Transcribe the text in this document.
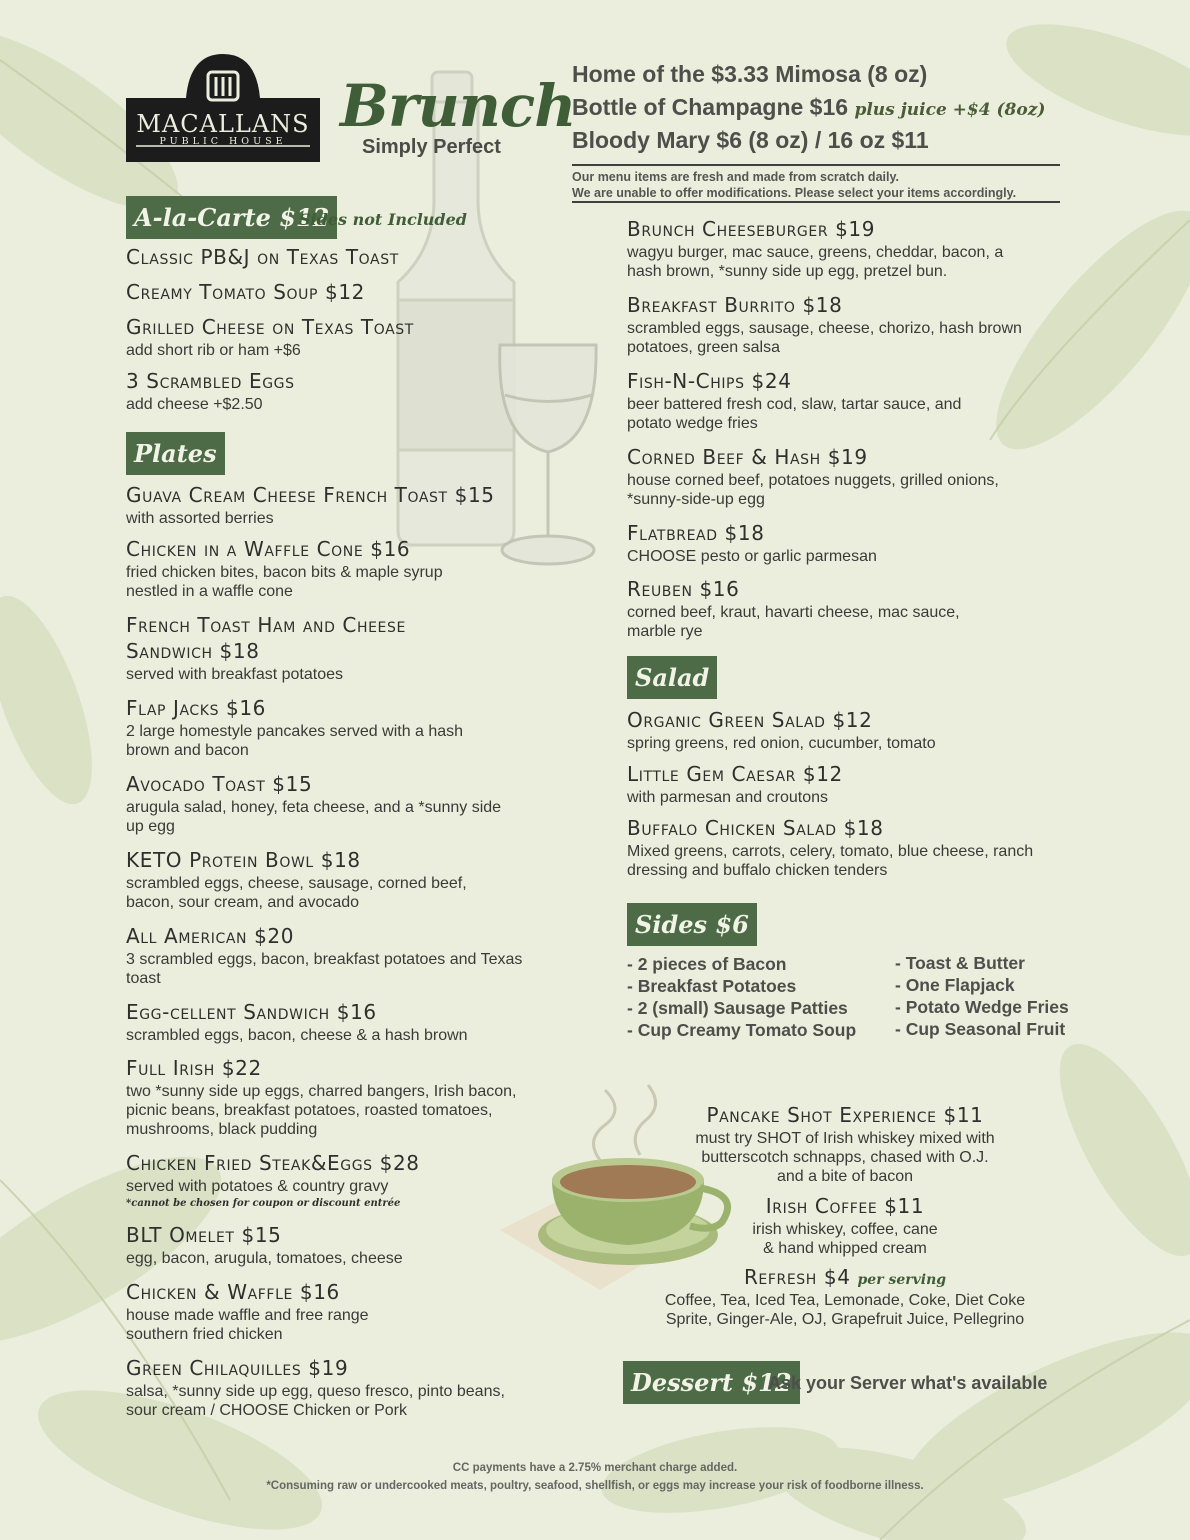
MACALLANS
PUBLIC HOUSE
Brunch
Simply Perfect
Home of the $3.33 Mimosa (8 oz)
Bottle of Champagne $16 plus juice +$4 (8oz)
Bloody Mary $6 (8 oz) / 16 oz $11
Our menu items are fresh and made from scratch daily.
We are unable to offer modifications. Please select your items accordingly.
A-la-Carte $12
Sides not Included
Classic PB&J on Texas Toast
Creamy Tomato Soup $12
Grilled Cheese on Texas Toast
add short rib or ham +$6
3 Scrambled Eggs
add cheese +$2.50
Plates
Guava Cream Cheese French Toast $15
with assorted berries
Chicken in a Waffle Cone $16
fried chicken bites, bacon bits & maple syrup nestled in a waffle cone
French Toast Ham and Cheese
Sandwich $18
served with breakfast potatoes
Flap Jacks $16
2 large homestyle pancakes served with a hash brown and bacon
Avocado Toast $15
arugula salad, honey, feta cheese, and a *sunny side up egg
KETO Protein Bowl $18
scrambled eggs, cheese, sausage, corned beef, bacon, sour cream, and avocado
All American $20
3 scrambled eggs, bacon, breakfast potatoes and Texas toast
Egg-cellent Sandwich $16
scrambled eggs, bacon, cheese & a hash brown
Full Irish $22
two *sunny side up eggs, charred bangers, Irish bacon, picnic beans, breakfast potatoes, roasted tomatoes, mushrooms, black pudding
Chicken Fried Steak&Eggs $28
served with potatoes & country gravy
*cannot be chosen for coupon or discount entrée
BLT Omelet $15
egg, bacon, arugula, tomatoes, cheese
Chicken & Waffle $16
house made waffle and free range southern fried chicken
Green Chilaquilles $19
salsa, *sunny side up egg, queso fresco, pinto beans, sour cream / CHOOSE Chicken or Pork
Brunch Cheeseburger $19
wagyu burger, mac sauce, greens, cheddar, bacon, a hash brown, *sunny side up egg, pretzel bun.
Breakfast Burrito $18
scrambled eggs, sausage, cheese, chorizo, hash brown potatoes, green salsa
Fish-N-Chips $24
beer battered fresh cod, slaw, tartar sauce, and potato wedge fries
Corned Beef & Hash $19
house corned beef, potatoes nuggets, grilled onions, *sunny-side-up egg
Flatbread $18
CHOOSE pesto or garlic parmesan
Reuben $16
corned beef, kraut, havarti cheese, mac sauce, marble rye
Salad
Organic Green Salad $12
spring greens, red onion, cucumber, tomato
Little Gem Caesar $12
with parmesan and croutons
Buffalo Chicken Salad $18
Mixed greens, carrots, celery, tomato, blue cheese, ranch dressing and buffalo chicken tenders
Sides $6
- 2 pieces of Bacon
- Breakfast Potatoes
- 2 (small) Sausage Patties
- Cup Creamy Tomato Soup
- Toast & Butter
- One Flapjack
- Potato Wedge Fries
- Cup Seasonal Fruit
Pancake Shot Experience $11
must try SHOT of Irish whiskey mixed with
butterscotch schnapps, chased with O.J.
and a bite of bacon
Irish Coffee $11
irish whiskey, coffee, cane
& hand whipped cream
Refresh $4 per serving
Coffee, Tea, Iced Tea, Lemonade, Coke, Diet Coke
Sprite, Ginger-Ale, OJ, Grapefruit Juice, Pellegrino
Dessert $12
Ask your Server what's available
CC payments have a 2.75% merchant charge added.
*Consuming raw or undercooked meats, poultry, seafood, shellfish, or eggs may increase your risk of foodborne illness.
